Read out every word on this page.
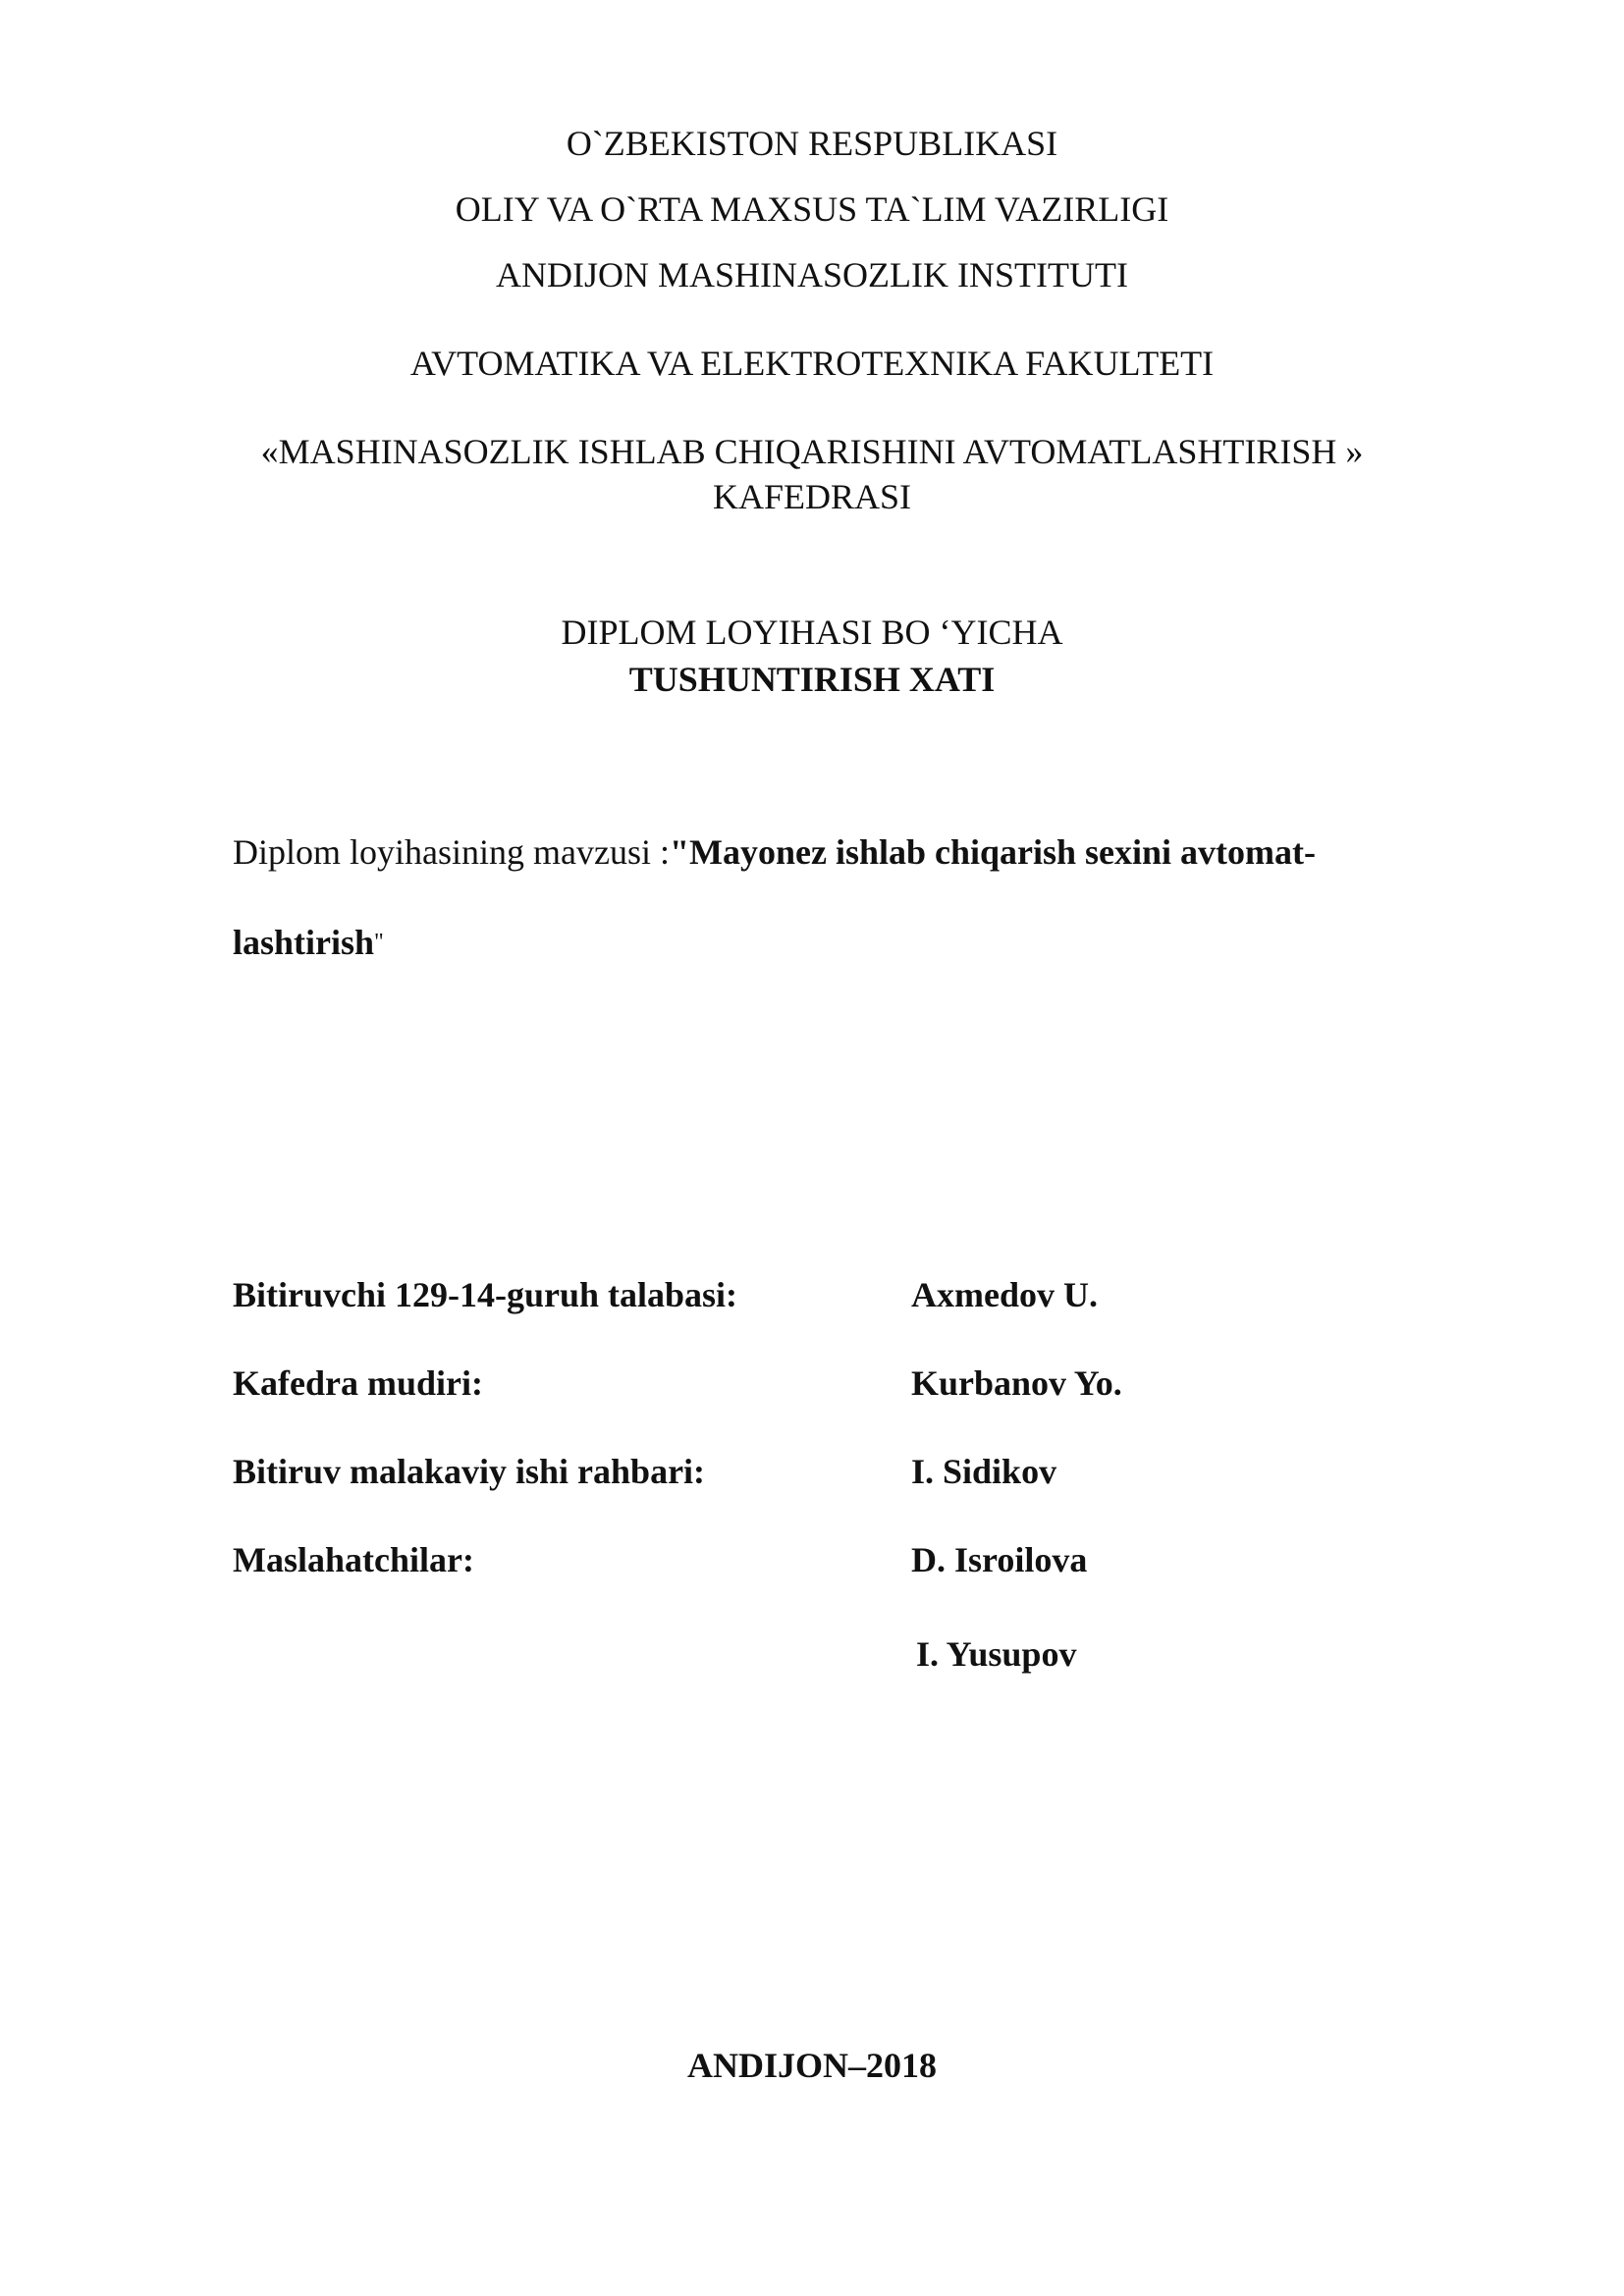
O`ZBEKISTON RESPUBLIKASI
OLIY VA O`RTA MAXSUS TA`LIM VAZIRLIGI
ANDIJON MASHINASOZLIK INSTITUTI
AVTOMATIKA VA ELEKTROTEXNIKA FAKULTETI
«MASHINASOZLIK ISHLAB CHIQARISHINI AVTOMATLASHTIRISH »
KAFEDRASI
DIPLOM LOYIHASI BO ‘YICHA
TUSHUNTIRISH XATI
Diplom loyihasining mavzusi :"Mayonez ishlab chiqarish sexini avtomat-
lashtirish"
Bitiruvchi 129-14-guruh talabasi:	Axmedov U.
Kafedra mudiri:	Kurbanov Yo.
Bitiruv malakaviy ishi rahbari:	I. Sidikov
Maslahatchilar:	D. Isroilova
I. Yusupov
ANDIJON–2018
